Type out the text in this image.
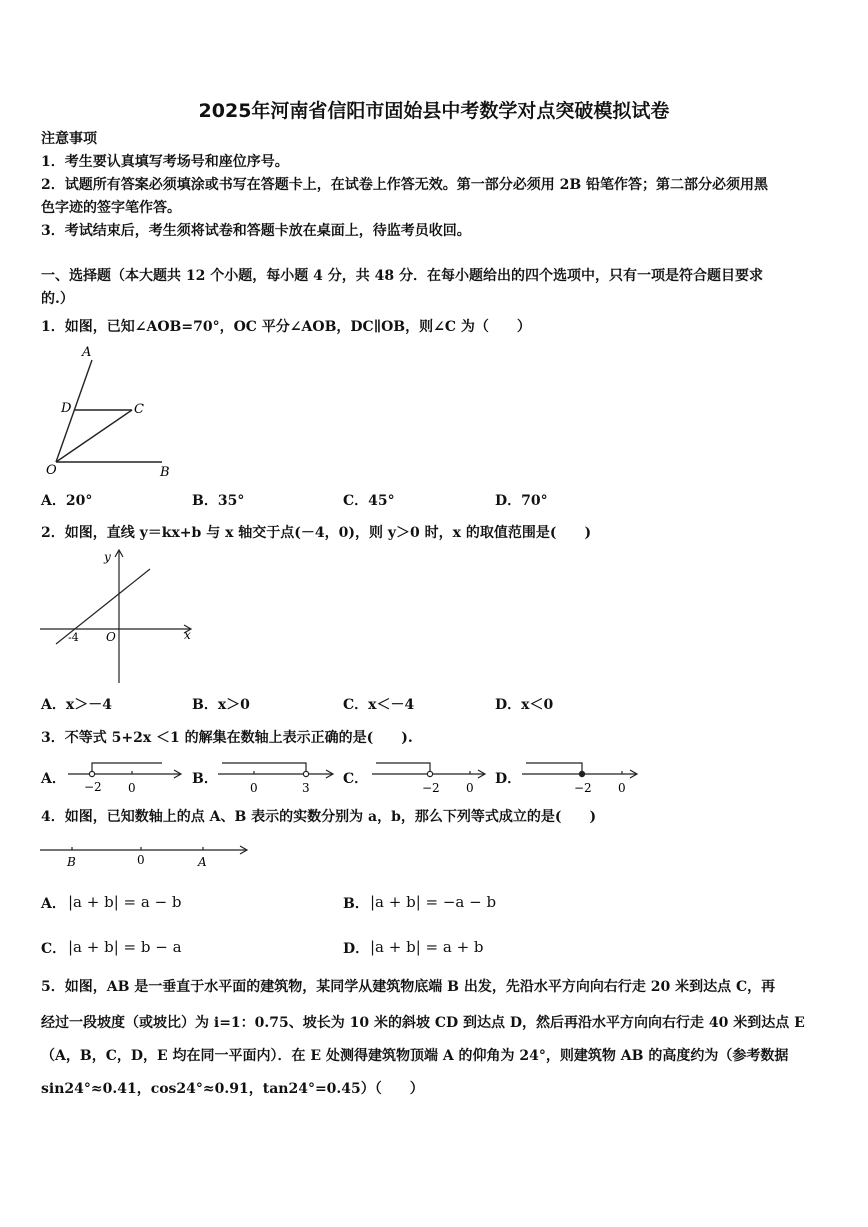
2025年河南省信阳市固始县中考数学对点突破模拟试卷
注意事项
1．考生要认真填写考场号和座位序号。
2．试题所有答案必须填涂或书写在答题卡上，在试卷上作答无效。第一部分必须用 2B 铅笔作答；第二部分必须用黑
色字迹的签字笔作答。
3．考试结束后，考生须将试卷和答题卡放在桌面上，待监考员收回。
一、选择题（本大题共 12 个小题，每小题 4 分，共 48 分．在每小题给出的四个选项中，只有一项是符合题目要求
的.）
1．如图，已知∠AOB=70°，OC 平分∠AOB，DC∥OB，则∠C 为（　　）
A
D	C
O	B
A．20°	B．35°	C．45°	D．70°
2．如图，直线 y＝kx+b 与 x 轴交于点(－4，0)，则 y＞0 时，x 的取值范围是(　　)
y
x
O
-4
A．x＞－4	B．x＞0	C．x＜－4	D．x＜0
3．不等式 5+2x ＜1 的解集在数轴上表示正确的是(　　).
A． −2 0
B．
0	3
C．
−2 0
D．
−2 0
4．如图，已知数轴上的点 A、B 表示的实数分别为 a，b，那么下列等式成立的是(　　)
B	0	A
A． |a + b| = a − b	B． |a + b| = −a − b
C． |a + b| = b − a	D． |a + b| = a + b
5．如图，AB 是一垂直于水平面的建筑物，某同学从建筑物底端 B 出发，先沿水平方向向右行走 20 米到达点 C，再
经过一段坡度（或坡比）为 i=1：0.75、坡长为 10 米的斜坡 CD 到达点 D，然后再沿水平方向向右行走 40 米到达点 E
（A，B，C，D，E 均在同一平面内）．在 E 处测得建筑物顶端 A 的仰角为 24°，则建筑物 AB 的高度约为（参考数据
sin24°≈0.41，cos24°≈0.91，tan24°=0.45）（　　）
